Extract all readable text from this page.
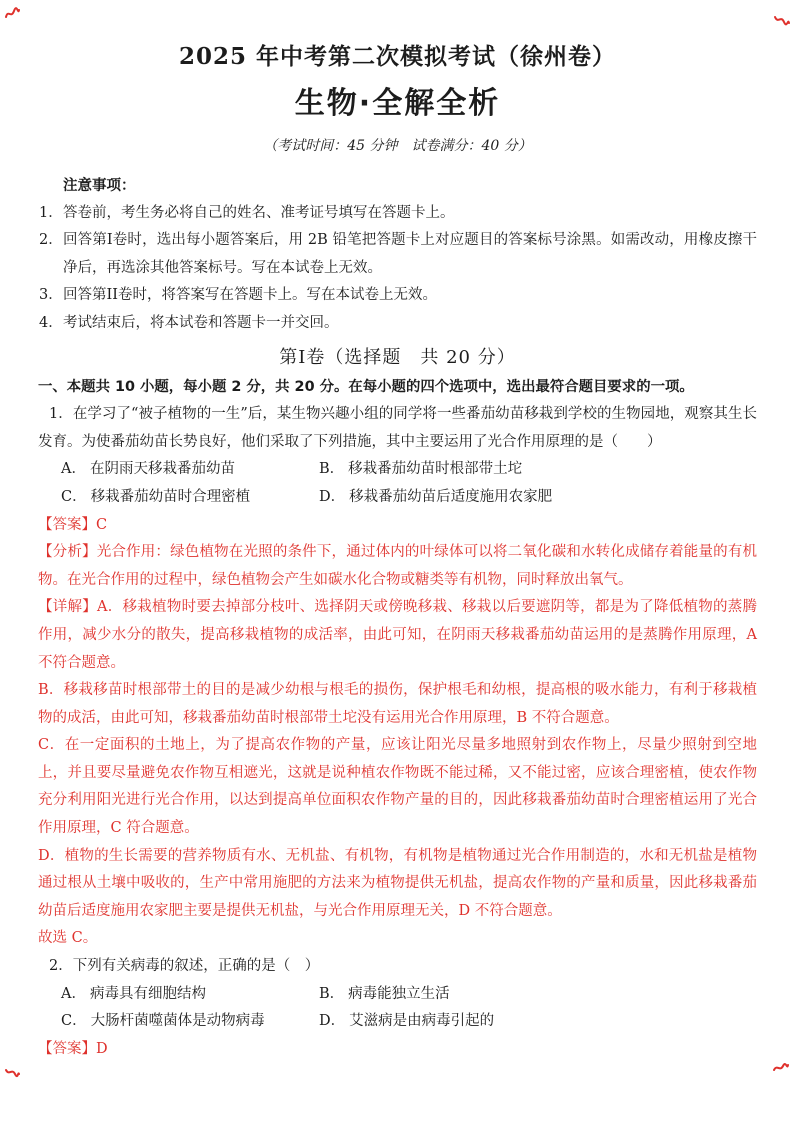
2025 年中考第二次模拟考试（徐州卷）
生物·全解全析
（考试时间：45 分钟　试卷满分：40 分）
注意事项：
1． 答卷前，考生务必将自己的姓名、准考证号填写在答题卡上。
2． 回答第I卷时，选出每小题答案后，用 2B 铅笔把答题卡上对应题目的答案标号涂黑。如需改动，用橡皮擦干净后，再选涂其他答案标号。写在本试卷上无效。
3． 回答第II卷时，将答案写在答题卡上。写在本试卷上无效。
4． 考试结束后，将本试卷和答题卡一并交回。
第I卷（选择题　共 20 分）
一、本题共 10 小题，每小题 2 分，共 20 分。在每小题的四个选项中，选出最符合题目要求的一项。

1．在学习了“被子植物的一生”后，某生物兴趣小组的同学将一些番茄幼苗移栽到学校的生物园地，观察其生长发育。为使番茄幼苗长势良好，他们采取了下列措施，其中主要运用了光合作用原理的是（　　）

A． 在阴雨天移栽番茄幼苗	B． 移栽番茄幼苗时根部带土坨
C． 移栽番茄幼苗时合理密植	D． 移栽番茄幼苗后适度施用农家肥
【答案】C

【分析】光合作用：绿色植物在光照的条件下，通过体内的叶绿体可以将二氧化碳和水转化成储存着能量的有机物。在光合作用的过程中，绿色植物会产生如碳水化合物或糖类等有机物，同时释放出氧气。

【详解】A．移栽植物时要去掉部分枝叶、选择阴天或傍晚移栽、移栽以后要遮阴等，都是为了降低植物的蒸腾作用，减少水分的散失，提高移栽植物的成活率，由此可知，在阴雨天移栽番茄幼苗运用的是蒸腾作用原理，A 不符合题意。

B．移栽移苗时根部带土的目的是减少幼根与根毛的损伤，保护根毛和幼根，提高根的吸水能力，有利于移栽植物的成活，由此可知，移栽番茄幼苗时根部带土坨没有运用光合作用原理，B 不符合题意。

C．在一定面积的土地上，为了提高农作物的产量，应该让阳光尽量多地照射到农作物上，尽量少照射到空地上，并且要尽量避免农作物互相遮光，这就是说种植农作物既不能过稀，又不能过密，应该合理密植，使农作物充分利用阳光进行光合作用，以达到提高单位面积农作物产量的目的，因此移栽番茄幼苗时合理密植运用了光合作用原理，C 符合题意。

D．植物的生长需要的营养物质有水、无机盐、有机物，有机物是植物通过光合作用制造的，水和无机盐是植物通过根从土壤中吸收的，生产中常用施肥的方法来为植物提供无机盐，提高农作物的产量和质量，因此移栽番茄幼苗后适度施用农家肥主要是提供无机盐，与光合作用原理无关，D 不符合题意。

故选 C。

2．下列有关病毒的叙述，正确的是（　）

A． 病毒具有细胞结构	B． 病毒能独立生活
C． 大肠杆菌噬菌体是动物病毒	D． 艾滋病是由病毒引起的
【答案】D
